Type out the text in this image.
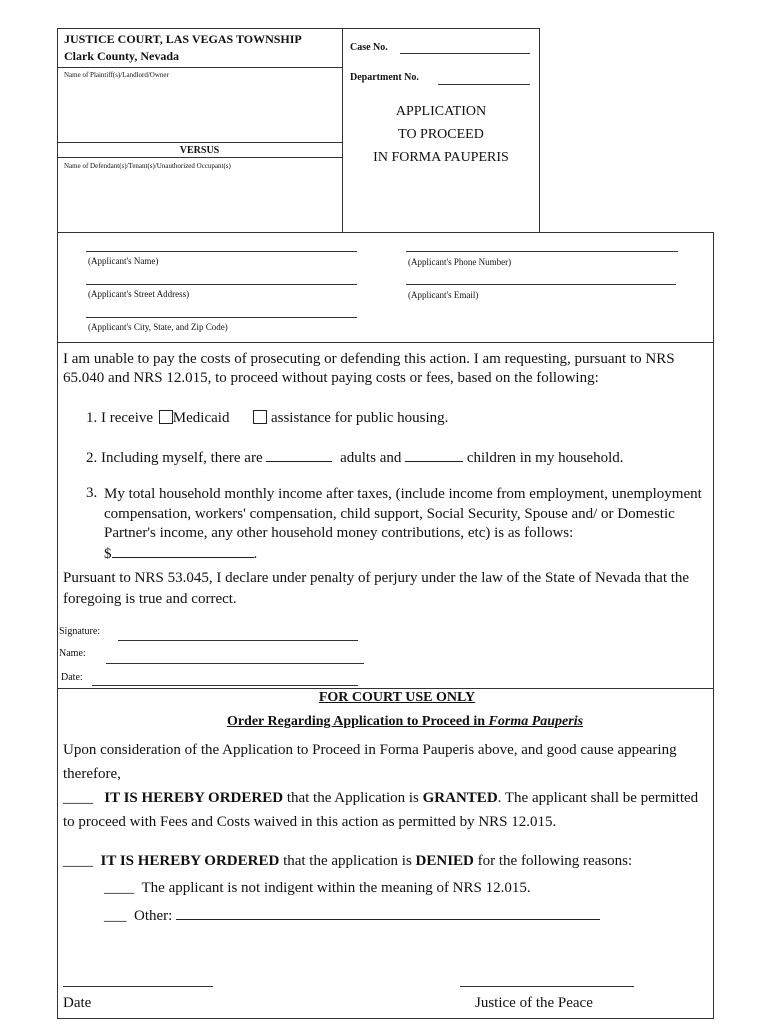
JUSTICE COURT, LAS VEGAS TOWNSHIP
Clark County, Nevada
Name of Plaintiff(s)/Landlord/Owner
VERSUS
Name of Defendant(s)/Tenant(s)/Unauthorized Occupant(s)
Case No.
Department No.
APPLICATION
TO PROCEED
IN FORMA PAUPERIS
(Applicant's Name)	(Applicant's Phone Number)
(Applicant's Street Address)	(Applicant's Email)
(Applicant's City, State, and Zip Code)
I am unable to pay the costs of prosecuting or defending this action. I am requesting, pursuant to NRS 65.040 and NRS 12.015, to proceed without paying costs or fees, based on the following:
1. I receive Medicaid	assistance for public housing.
2. Including myself, there are	adults and	children in my household.
3. My total household monthly income after taxes, (include income from employment, unemployment compensation, workers' compensation, child support, Social Security, Spouse and/ or Domestic Partner's income, any other household money contributions, etc) is as follows:
$	.
Pursuant to NRS 53.045, I declare under penalty of perjury under the law of the State of Nevada that the foregoing is true and correct.
Signature:
Name:
Date:
FOR COURT USE ONLY
Order Regarding Application to Proceed in Forma Pauperis
Upon consideration of the Application to Proceed in Forma Pauperis above, and good cause appearing therefore,
____ IT IS HEREBY ORDERED that the Application is GRANTED. The applicant shall be permitted to proceed with Fees and Costs waived in this action as permitted by NRS 12.015.
____ IT IS HEREBY ORDERED that the application is DENIED for the following reasons:
____ The applicant is not indigent within the meaning of NRS 12.015.
___ Other:
Date	Justice of the Peace
